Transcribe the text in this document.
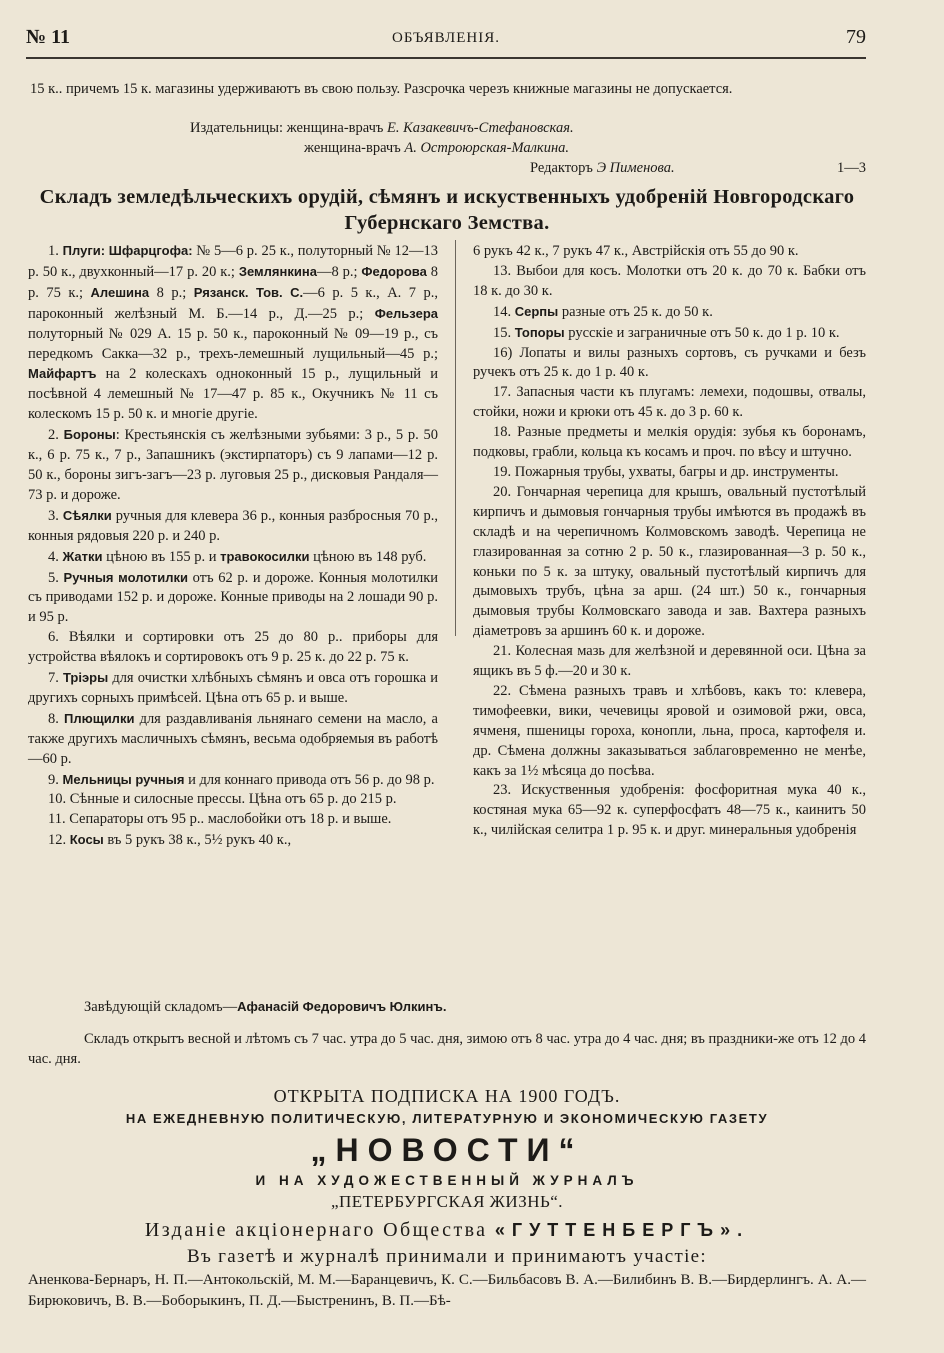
№ 11	ОБЪЯВЛЕНІЯ.	79
15 к.. причемъ 15 к. магазины удерживаютъ въ свою пользу. Разсрочка черезъ книжные магазины не допускается.
Издательницы: женщина-врачъ Е. Казакевичъ-Стефановская.
женщина-врачъ А. Остроюрская-Малкина.
Редакторъ Э Пименова.	1—3
Складъ земледѣльческихъ орудій, сѣмянъ и искуственныхъ удобреній Новгородскаго Губернскаго Земства.

1. Плуги: Шфарцгофа: № 5—6 р. 25 к., полуторный № 12—13 р. 50 к., двухконный—17 р. 20 к.; Землянкина—8 р.; Федорова 8 р. 75 к.; Алешина 8 р.; Рязанск. Тов. С.—6 р. 5 к., А. 7 р., пароконный желѣзный М. Б.—14 р., Д.—25 р.; Фельзера полуторный № 029 А. 15 р. 50 к., пароконный № 09—19 р., съ передкомъ Сакка—32 р., трехъ-лемешный лущильный—45 р.; Майфартъ на 2 колескахъ одноконный 15 р., лущильный и посѣвной 4 лемешный № 17—47 р. 85 к., Окучникъ № 11 съ колескомъ 15 р. 50 к. и многіе другіе.

2. Бороны: Крестьянскія съ желѣзными зубьями: 3 р., 5 р. 50 к., 6 р. 75 к., 7 р., Запашникъ (экстирпаторъ) съ 9 лапами—12 р. 50 к., бороны зигъ-загъ—23 р. луговыя 25 р., дисковыя Рандаля—73 р. и дороже.

3. Сѣялки ручныя для клевера 36 р., конныя разбросныя 70 р., конныя рядовыя 220 р. и 240 р.

4. Жатки цѣною въ 155 р. и травокосилки цѣною въ 148 руб.

5. Ручныя молотилки отъ 62 р. и дороже. Конныя молотилки съ приводами 152 р. и дороже. Конные приводы на 2 лошади 90 р. и 95 р.

6. Вѣялки и сортировки отъ 25 до 80 р.. приборы для устройства вѣялокъ и сортировокъ отъ 9 р. 25 к. до 22 р. 75 к.

7. Тріэры для очистки хлѣбныхъ сѣмянъ и овса отъ горошка и другихъ сорныхъ примѣсей. Цѣна отъ 65 р. и выше.

8. Плющилки для раздавливанія льнянаго семени на масло, а также другихъ масличныхъ сѣмянъ, весьма одобряемыя въ работѣ—60 р.

9. Мельницы ручныя и для коннаго привода отъ 56 р. до 98 р.

10. Сѣнные и силосные прессы. Цѣна отъ 65 р. до 215 р.

11. Сепараторы отъ 95 р.. маслобойки отъ 18 р. и выше.

12. Косы въ 5 рукъ 38 к., 5½ рукъ 40 к.,

6 рукъ 42 к., 7 рукъ 47 к., Австрійскія отъ 55 до 90 к.

13. Выбои для косъ. Молотки отъ 20 к. до 70 к. Бабки отъ 18 к. до 30 к.

14. Серпы разные отъ 25 к. до 50 к.

15. Топоры русскіе и заграничные отъ 50 к. до 1 р. 10 к.

16) Лопаты и вилы разныхъ сортовъ, съ ручками и безъ ручекъ отъ 25 к. до 1 р. 40 к.

17. Запасныя части къ плугамъ: лемехи, подошвы, отвалы, стойки, ножи и крюки отъ 45 к. до 3 р. 60 к.

18. Разные предметы и мелкія орудія: зубья къ боронамъ, подковы, грабли, кольца къ косамъ и проч. по вѣсу и штучно.

19. Пожарныя трубы, ухваты, багры и др. инструменты.

20. Гончарная черепица для крышъ, овальный пустотѣлый кирпичъ и дымовыя гончарныя трубы имѣются въ продажѣ въ складѣ и на черепичномъ Колмовскомъ заводѣ. Черепица не глазированная за сотню 2 р. 50 к., глазированная—3 р. 50 к., коньки по 5 к. за штуку, овальный пустотѣлый кирпичъ для дымовыхъ трубъ, цѣна за арш. (24 шт.) 50 к., гончарныя дымовыя трубы Колмовскаго завода и зав. Вахтера разныхъ діаметровъ за аршинъ 60 к. и дороже.

21. Колесная мазь для желѣзной и деревянной оси. Цѣна за ящикъ въ 5 ф.—20 и 30 к.

22. Сѣмена разныхъ травъ и хлѣбовъ, какъ то: клевера, тимофеевки, вики, чечевицы яровой и озимовой ржи, овса, ячменя, пшеницы гороха, конопли, льна, проса, картофеля и. др. Сѣмена должны заказываться заблаговременно не менѣе, какъ за 1½ мѣсяца до посѣва.

23. Искуственныя удобренія: фосфоритная мука 40 к., костяная мука 65—92 к. суперфосфатъ 48—75 к., каинитъ 50 к., чилійская селитра 1 р. 95 к. и друг. минеральныя удобренія

Завѣдующій складомъ—Афанасій Федоровичъ Юлкинъ.
Складъ открытъ весной и лѣтомъ съ 7 час. утра до 5 час. дня, зимою отъ 8 час. утра до 4 час. дня; въ праздники-же отъ 12 до 4 час. дня.
ОТКРЫТА ПОДПИСКА НА 1900 ГОДЪ.
НА ЕЖЕДНЕВНУЮ ПОЛИТИЧЕСКУЮ, ЛИТЕРАТУРНУЮ И ЭКОНОМИЧЕСКУЮ ГАЗЕТУ
„НОВОСТИ“
И НА ХУДОЖЕСТВЕННЫЙ ЖУРНАЛЪ
„ПЕТЕРБУРГСКАЯ ЖИЗНЬ“.
Изданіе акціонернаго Общества «ГУТТЕНБЕРГЪ».
Въ газетѣ и журналѣ принимали и принимаютъ участіе:
Аненкова-Бернаръ, Н. П.—Антокольскій, М. М.—Баранцевичъ, К. С.—Бильбасовъ В. А.—Билибинъ В. В.—Бирдерлингъ. А. А.—Бирюковичъ, В. В.—Боборыкинъ, П. Д.—Быстренинъ, В. П.—Бѣ-
